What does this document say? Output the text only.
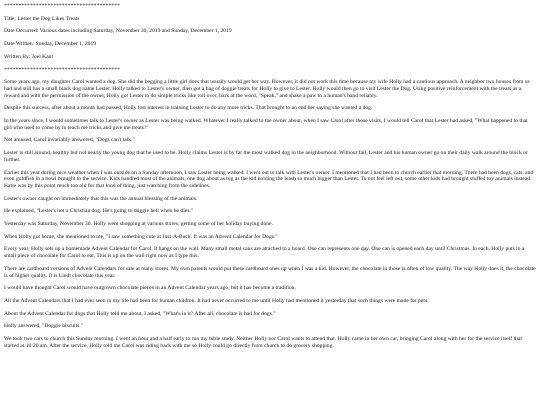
****************************************

Title: Lester the Dog Likes Treats

Date Occurred: Various dates including Saturday, November 30, 2019 and Sunday, December 1, 2019

Date Written: Sunday, December 1, 2019

Written By: Joel Kant

****************************************

Some years ago, my daughter Carol wanted a dog. She did the begging a little girl does that usually would get her way. However, it did not work this time because my wife Holly had a cautious approach. A neighbor two houses from us had and still has a small black dog name Lester. Holly talked to Lester's owner, then got a bag of doggie treats for Holly to give to Lester. Holly would then go to visit Lester the Dog. Using positive reinforcement with the treats as a reward and with the permission of the owner, Holly got Lester to do simple tricks like roll over, bark at the word, "Speak," and shake a paw to a human's hand reliably.

Despite this success, after about a month had passed, Holly lost interest in training Lester to do any more tricks. That brought to an end her saying she wanted a dog.

In the years since, I would sometimes talk to Lester's owner as Lester was being walked. Whatever I really talked to the owner about, when I saw Carol after those visits, I would tell Carol that Lester had asked, "What happened to that girl who used to come by to teach me tricks and give me treats?"

Not amused, Carol invariably answered, "Dogs can't talk."

Lester is still around, healthy but not nearly the young dog that he used to be. Holly claims Lester is by far the most walked dog in the neighborhood. Without fail, Lester and his human owner go on their daily walk around the block or further.

Earlier this year during nice weather when I was outside on a Sunday afternoon, I saw Lester being walked. I went out to talk with Lester's owner. I mentioned that I had been to church earlier that morning. There had been dogs, cats, and even goldfish in a bowl brought to the service. Kids handled most of the animals, one dog about as big as the kid holding the leash so much bigger than Lester. To not feel left out, some other kids had brought stuffed toy animals instead. Katie was by this point much too old for that kind of thing, just watching from the sidelines.

Lester's owner caught on immediately that this was the annual blessing of the animals.

He explained, "Lester's not a Christian dog. He's going to doggie hell when he dies."

Yesterday was Saturday, November 30. Holly went shopping at various stores, getting some of her holiday buying done.

When Holly got home, she mentioned to me, "I saw something cute at Just-A-Buck. It was an Advent Calendar for Dogs."

Every year, Holly sets up a homemade Advent Calendar for Carol. It hangs on the wall. Many small metal cans are attached to a board. One can represents one day. One can is opened each day until Christmas. In each, Holly puts in a small piece of chocolate for Carol to eat. This is up on the wall right now as I type this.

There are cardboard versions of Advent Calendars for sale at many stores. My own parents would put these cardboard ones up when I was a kid. However, the chocolate in those is often of low quality. The way Holly does it, the chocolate is of higher quality. It is Lindt chocolate this year.

I would have thought Carol would have outgrown chocolate pieces in an Advent Calendar years ago, but it has become a tradition.

All the Advent Calendars that I had ever seen in my life had been for human children. It had never occurred to me until Holly had mentioned it yesterday that such things were made for pets.

About the Advent Calendar for dogs that Holly told me about, I asked, "What's in it? After all, chocolate is bad for dogs."

Holly answered, "Doggie biscuits."

We took two cars to church this Sunday morning. I went an hour and a half early to run my bible study. Neither Holly nor Carol wants to attend that. Holly came in her own car, bringing Carol along with her for the service itself that started at 10:20 am. After the service, Holly told me Carol was riding back with me so Holly could go directly from church to do grocery shopping.
